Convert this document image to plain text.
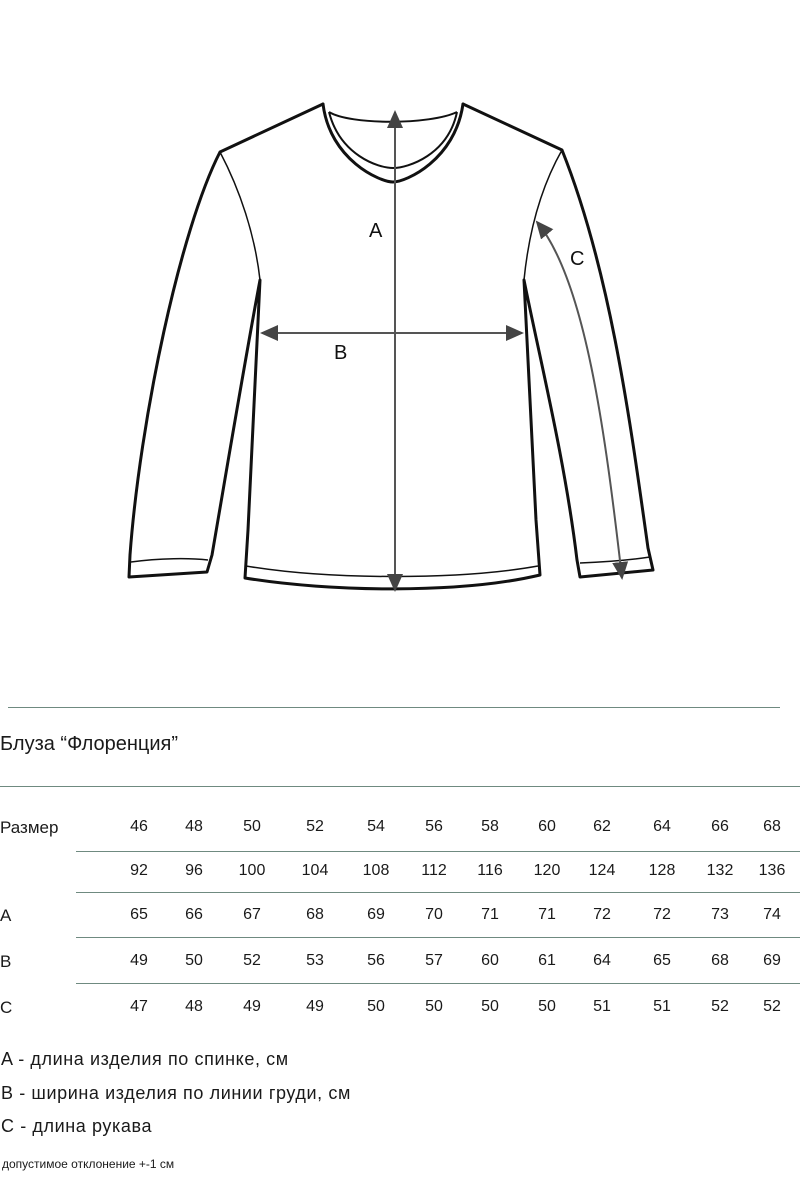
A
B
C
Блуза “Флоренция”
Размер	46 48	50	52	54	56 58 60 62	64	66 68
92 96 100 104 108 112 116 120 124 128 132 136
A	65 66	67	68	69	70 71 71 72	72	73 74
B	49 50	52	53	56	57 60 61 64	65	68 69
C	47 48	49	49	50	50 50 50 51	51	52 52
A - длина изделия по спинке, см
B - ширина изделия по линии груди, см
C - длина рукава
допустимое отклонение +-1 см
